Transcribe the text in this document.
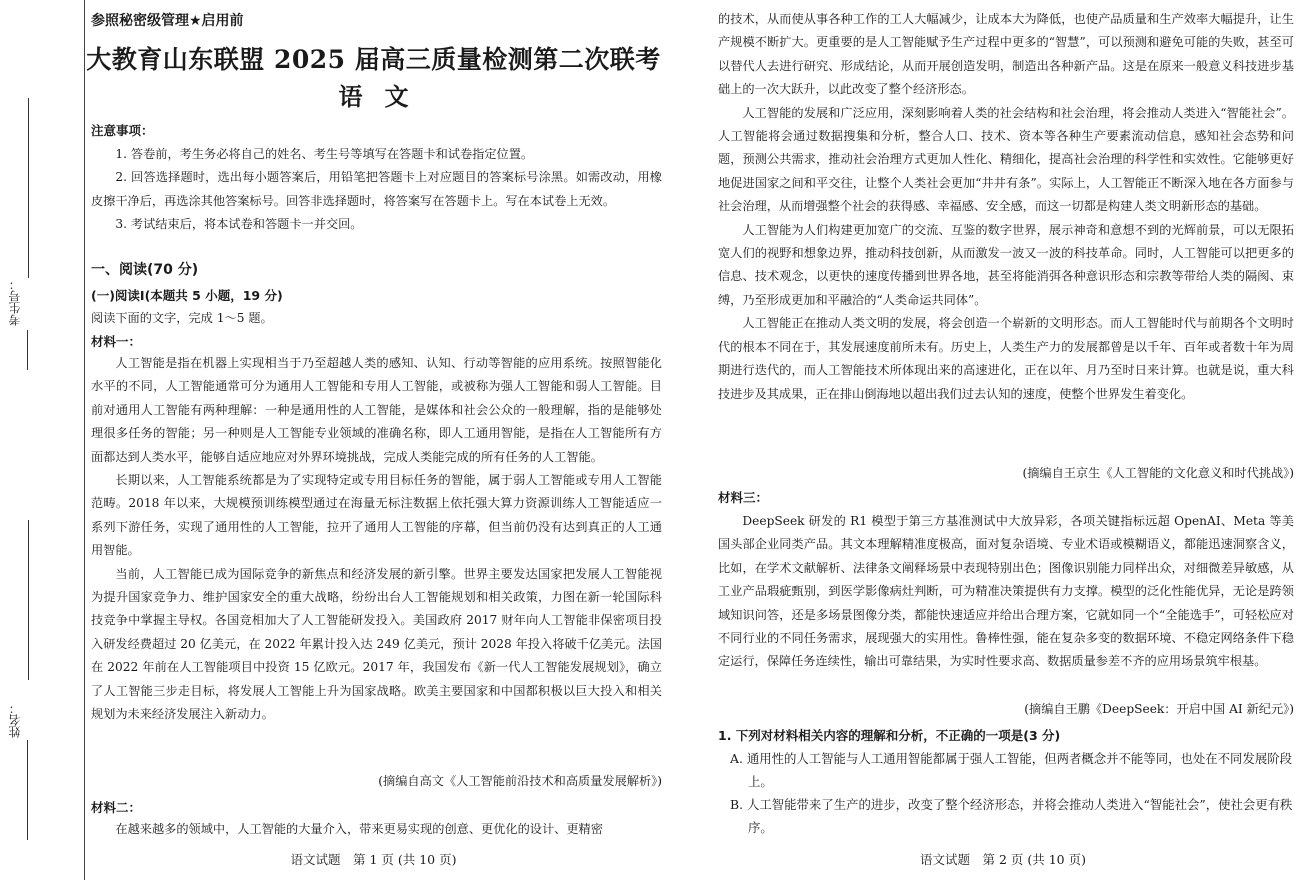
考生号：
姓名：
参照秘密级管理★启用前
大教育山东联盟 2025 届高三质量检测第二次联考
语文
注意事项：

1. 答卷前，考生务必将自己的姓名、考生号等填写在答题卡和试卷指定位置。

2. 回答选择题时，选出每小题答案后，用铅笔把答题卡上对应题目的答案标号涂黑。如需改动，用橡皮擦干净后，再选涂其他答案标号。回答非选择题时，将答案写在答题卡上。写在本试卷上无效。

3. 考试结束后，将本试卷和答题卡一并交回。

一、阅读(70 分)
(一)阅读Ⅰ(本题共 5 小题，19 分)
阅读下面的文字，完成 1～5 题。
材料一：

人工智能是指在机器上实现相当于乃至超越人类的感知、认知、行动等智能的应用系统。按照智能化水平的不同，人工智能通常可分为通用人工智能和专用人工智能，或被称为强人工智能和弱人工智能。目前对通用人工智能有两种理解：一种是通用性的人工智能，是媒体和社会公众的一般理解，指的是能够处理很多任务的智能；另一种则是人工智能专业领域的准确名称，即人工通用智能，是指在人工智能所有方面都达到人类水平，能够自适应地应对外界环境挑战，完成人类能完成的所有任务的人工智能。

长期以来，人工智能系统都是为了实现特定或专用目标任务的智能，属于弱人工智能或专用人工智能范畴。2018 年以来，大规模预训练模型通过在海量无标注数据上依托强大算力资源训练人工智能适应一系列下游任务，实现了通用性的人工智能，拉开了通用人工智能的序幕，但当前仍没有达到真正的人工通用智能。

当前，人工智能已成为国际竞争的新焦点和经济发展的新引擎。世界主要发达国家把发展人工智能视为提升国家竞争力、维护国家安全的重大战略，纷纷出台人工智能规划和相关政策，力图在新一轮国际科技竞争中掌握主导权。各国竞相加大了人工智能研发投入。美国政府 2017 财年向人工智能非保密项目投入研发经费超过 20 亿美元，在 2022 年累计投入达 249 亿美元，预计 2028 年投入将破千亿美元。法国在 2022 年前在人工智能项目中投资 15 亿欧元。2017 年，我国发布《新一代人工智能发展规划》，确立了人工智能三步走目标，将发展人工智能上升为国家战略。欧美主要国家和中国都积极以巨大投入和相关规划为未来经济发展注入新动力。

(摘编自高文《人工智能前沿技术和高质量发展解析》)
材料二：

在越来越多的领域中，人工智能的大量介入，带来更易实现的创意、更优化的设计、更精密

语文试题　第 1 页 (共 10 页)

的技术，从而使从事各种工作的工人大幅减少，让成本大为降低，也使产品质量和生产效率大幅提升，让生产规模不断扩大。更重要的是人工智能赋予生产过程中更多的“智慧”，可以预测和避免可能的失败，甚至可以替代人去进行研究、形成结论，从而开展创造发明，制造出各种新产品。这是在原来一般意义科技进步基础上的一次大跃升，以此改变了整个经济形态。

人工智能的发展和广泛应用，深刻影响着人类的社会结构和社会治理，将会推动人类进入“智能社会”。人工智能将会通过数据搜集和分析，整合人口、技术、资本等各种生产要素流动信息，感知社会态势和问题，预测公共需求，推动社会治理方式更加人性化、精细化，提高社会治理的科学性和实效性。它能够更好地促进国家之间和平交往，让整个人类社会更加“井井有条”。实际上，人工智能正不断深入地在各方面参与社会治理，从而增强整个社会的获得感、幸福感、安全感，而这一切都是构建人类文明新形态的基础。

人工智能为人们构建更加宽广的交流、互鉴的数字世界，展示神奇和意想不到的光辉前景，可以无限拓宽人们的视野和想象边界，推动科技创新，从而激发一波又一波的科技革命。同时，人工智能可以把更多的信息、技术观念，以更快的速度传播到世界各地，甚至将能消弭各种意识形态和宗教等带给人类的隔阂、束缚，乃至形成更加和平融洽的“人类命运共同体”。

人工智能正在推动人类文明的发展，将会创造一个崭新的文明形态。而人工智能时代与前期各个文明时代的根本不同在于，其发展速度前所未有。历史上，人类生产力的发展都曾是以千年、百年或者数十年为周期进行迭代的，而人工智能技术所体现出来的高速进化，正在以年、月乃至时日来计算。也就是说，重大科技进步及其成果，正在排山倒海地以超出我们过去认知的速度，使整个世界发生着变化。

(摘编自王京生《人工智能的文化意义和时代挑战》)
材料三：

DeepSeek 研发的 R1 模型于第三方基准测试中大放异彩，各项关键指标远超 OpenAI、Meta 等美国头部企业同类产品。其文本理解精准度极高，面对复杂语境、专业术语或模糊语义，都能迅速洞察含义，比如，在学术文献解析、法律条文阐释场景中表现特别出色；图像识别能力同样出众，对细微差异敏感，从工业产品瑕疵甄别，到医学影像病灶判断，可为精准决策提供有力支撑。模型的泛化性能优异，无论是跨领域知识问答，还是多场景图像分类，都能快速适应并给出合理方案，它就如同一个“全能选手”，可轻松应对不同行业的不同任务需求，展现强大的实用性。鲁棒性强，能在复杂多变的数据环境、不稳定网络条件下稳定运行，保障任务连续性，输出可靠结果，为实时性要求高、数据质量参差不齐的应用场景筑牢根基。

(摘编自王鹏《DeepSeek：开启中国 AI 新纪元》)
1. 下列对材料相关内容的理解和分析，不正确的一项是(3 分)
A. 通用性的人工智能与人工通用智能都属于强人工智能，但两者概念并不能等同，也处在不同发展阶段上。
B. 人工智能带来了生产的进步，改变了整个经济形态，并将会推动人类进入“智能社会”，使社会更有秩序。
语文试题　第 2 页 (共 10 页)
